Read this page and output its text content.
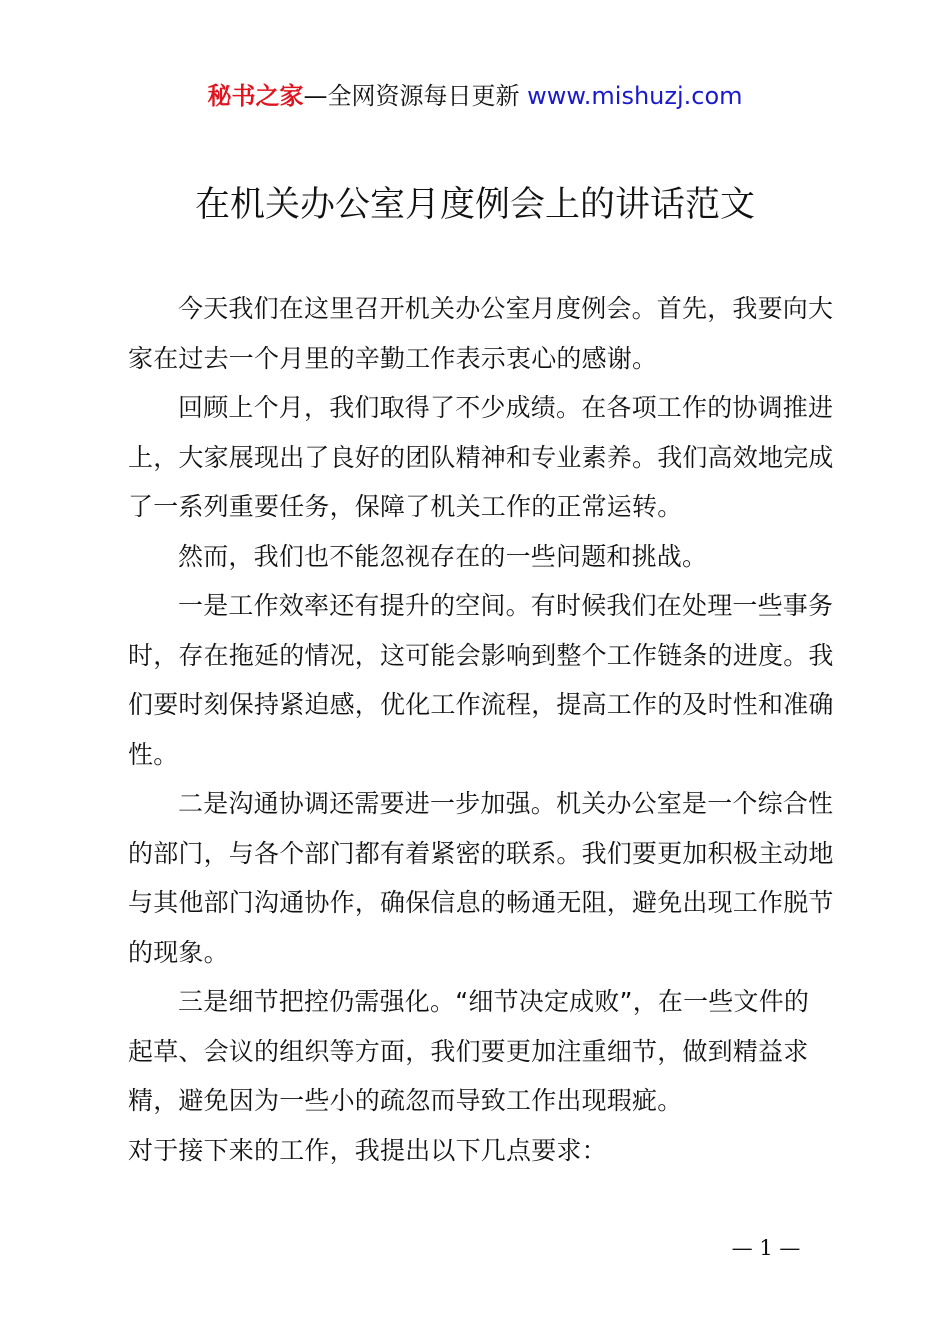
秘书之家—全网资源每日更新 www.mishuzj.com
在机关办公室月度例会上的讲话范文

今天我们在这里召开机关办公室月度例会。首先，我要向大家在过去一个月里的辛勤工作表示衷心的感谢。

回顾上个月，我们取得了不少成绩。在各项工作的协调推进上，大家展现出了良好的团队精神和专业素养。我们高效地完成了一系列重要任务，保障了机关工作的正常运转。

然而，我们也不能忽视存在的一些问题和挑战。

一是工作效率还有提升的空间。有时候我们在处理一些事务时，存在拖延的情况，这可能会影响到整个工作链条的进度。我们要时刻保持紧迫感，优化工作流程，提高工作的及时性和准确性。

二是沟通协调还需要进一步加强。机关办公室是一个综合性的部门，与各个部门都有着紧密的联系。我们要更加积极主动地与其他部门沟通协作，确保信息的畅通无阻，避免出现工作脱节的现象。

三是细节把控仍需强化。“细节决定成败”，在一些文件的起草、会议的组织等方面，我们要更加注重细节，做到精益求精，避免因为一些小的疏忽而导致工作出现瑕疵。

对于接下来的工作，我提出以下几点要求：

— 1 —
